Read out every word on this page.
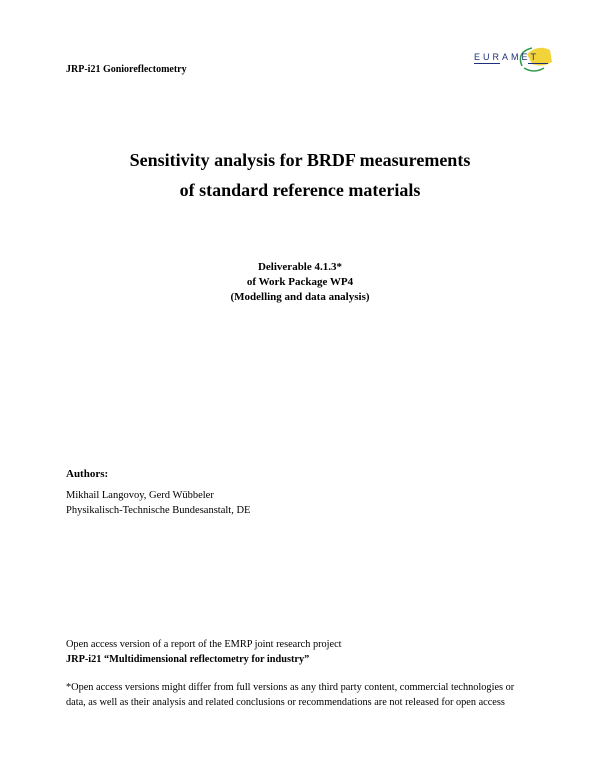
JRP-i21 Gonioreflectometry
EURAMET
Sensitivity analysis for BRDF measurements
of standard reference materials
Deliverable 4.1.3*
of Work Package WP4
(Modelling and data analysis)
Authors:
Mikhail Langovoy, Gerd Wübbeler
Physikalisch-Technische Bundesanstalt, DE
Open access version of a report of the EMRP joint research project
JRP-i21 “Multidimensional reflectometry for industry”
*Open access versions might differ from full versions as any third party content, commercial technologies or
data, as well as their analysis and related conclusions or recommendations are not released for open access
